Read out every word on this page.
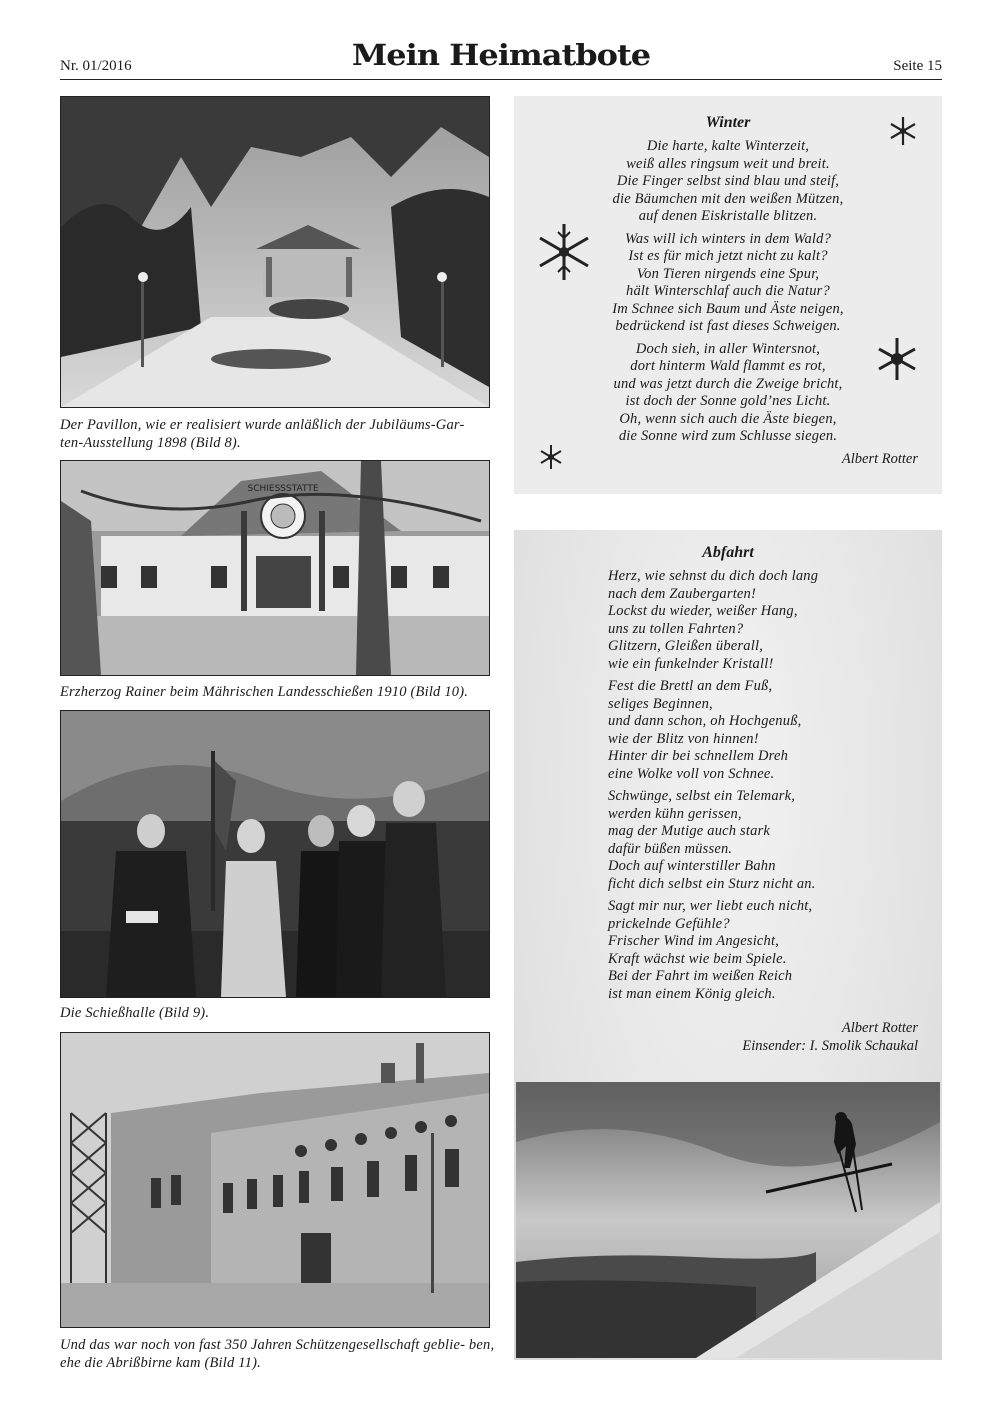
Nr. 01/2016	Mein Heimatbote	Seite 15
Der Pavillon, wie er realisiert wurde anläßlich der Jubiläums-Gar- ten-Ausstellung 1898 (Bild 8).
SCHIESSSTATTE
Erzherzog Rainer beim Mährischen Landesschießen 1910 (Bild 10).
Die Schießhalle (Bild 9).
Und das war noch von fast 350 Jahren Schützengesellschaft geblie- ben, ehe die Abrißbirne kam (Bild 11).
Winter
Die harte, kalte Winterzeit,
weiß alles ringsum weit und breit.
Die Finger selbst sind blau und steif,
die Bäumchen mit den weißen Mützen,
auf denen Eiskristalle blitzen.
Was will ich winters in dem Wald?
Ist es für mich jetzt nicht zu kalt?
Von Tieren nirgends eine Spur,
hält Winterschlaf auch die Natur?
Im Schnee sich Baum und Äste neigen,
bedrückend ist fast dieses Schweigen.
Doch sieh, in aller Wintersnot,
dort hinterm Wald flammt es rot,
und was jetzt durch die Zweige bricht,
ist doch der Sonne gold’nes Licht.
Oh, wenn sich auch die Äste biegen,
die Sonne wird zum Schlusse siegen.
Albert Rotter
Abfahrt
Herz, wie sehnst du dich doch lang
nach dem Zaubergarten!
Lockst du wieder, weißer Hang,
uns zu tollen Fahrten?
Glitzern, Gleißen überall,
wie ein funkelnder Kristall!
Fest die Brettl an dem Fuß,
seliges Beginnen,
und dann schon, oh Hochgenuß,
wie der Blitz von hinnen!
Hinter dir bei schnellem Dreh
eine Wolke voll von Schnee.
Schwünge, selbst ein Telemark,
werden kühn gerissen,
mag der Mutige auch stark
dafür büßen müssen.
Doch auf winterstiller Bahn
ficht dich selbst ein Sturz nicht an.
Sagt mir nur, wer liebt euch nicht,
prickelnde Gefühle?
Frischer Wind im Angesicht,
Kraft wächst wie beim Spiele.
Bei der Fahrt im weißen Reich
ist man einem König gleich.
Albert Rotter
Einsender: I. Smolik Schaukal
